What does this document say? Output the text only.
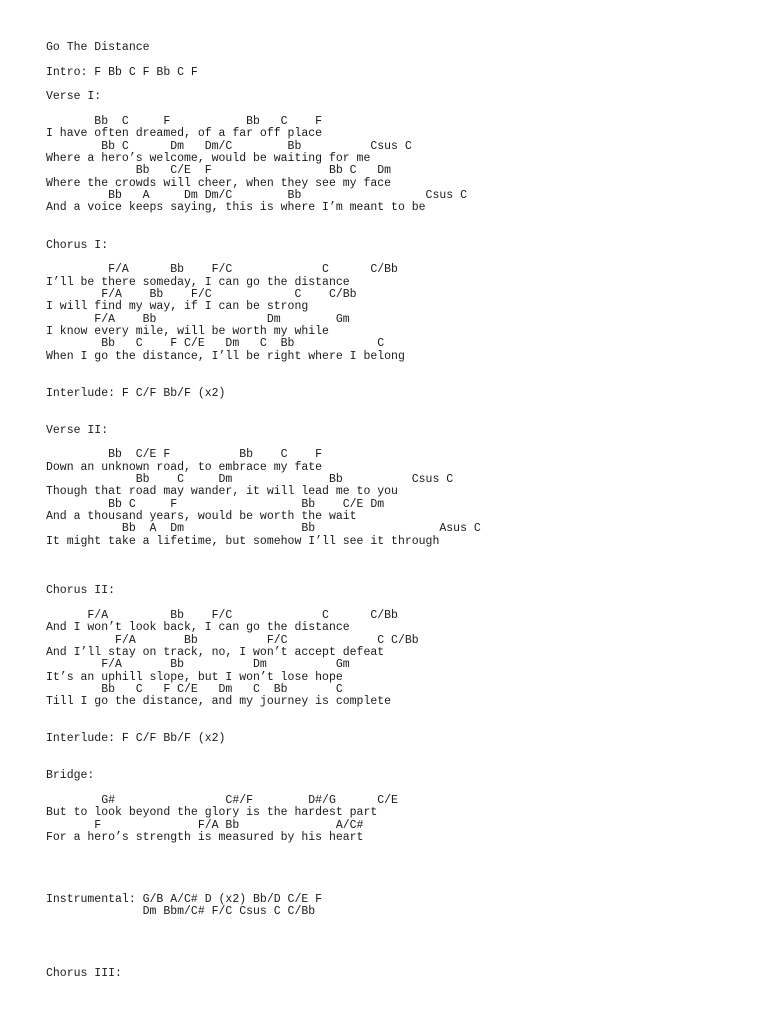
Go The Distance
Intro: F Bb C F Bb C F
Verse I:
Bb  C     F           Bb   C    F
I have often dreamed, of a far off place
Bb C      Dm   Dm/C        Bb          Csus C
Where a hero’s welcome, would be waiting for me
Bb   C/E  F                 Bb C   Dm
Where the crowds will cheer, when they see my face
Bb   A     Dm Dm/C        Bb                  Csus C
And a voice keeps saying, this is where I’m meant to be
Chorus I:
F/A      Bb    F/C             C      C/Bb
I’ll be there someday, I can go the distance
F/A    Bb    F/C            C    C/Bb
I will find my way, if I can be strong
F/A    Bb                Dm        Gm
I know every mile, will be worth my while
Bb   C    F C/E   Dm   C  Bb            C
When I go the distance, I’ll be right where I belong
Interlude: F C/F Bb/F (x2)
Verse II:
Bb  C/E F          Bb    C    F
Down an unknown road, to embrace my fate
Bb    C     Dm              Bb          Csus C
Though that road may wander, it will lead me to you
Bb C     F                  Bb    C/E Dm
And a thousand years, would be worth the wait
Bb  A  Dm                 Bb                  Asus C
It might take a lifetime, but somehow I’ll see it through
Chorus II:
F/A         Bb    F/C             C      C/Bb
And I won’t look back, I can go the distance
F/A       Bb          F/C             C C/Bb
And I’ll stay on track, no, I won’t accept defeat
F/A       Bb          Dm          Gm
It’s an uphill slope, but I won’t lose hope
Bb   C   F C/E   Dm   C  Bb       C
Till I go the distance, and my journey is complete
Interlude: F C/F Bb/F (x2)
Bridge:
G#                C#/F        D#/G      C/E
But to look beyond the glory is the hardest part
F              F/A Bb              A/C#
For a hero’s strength is measured by his heart
Instrumental: G/B A/C# D (x2) Bb/D C/E F
Dm Bbm/C# F/C Csus C C/Bb
Chorus III:
